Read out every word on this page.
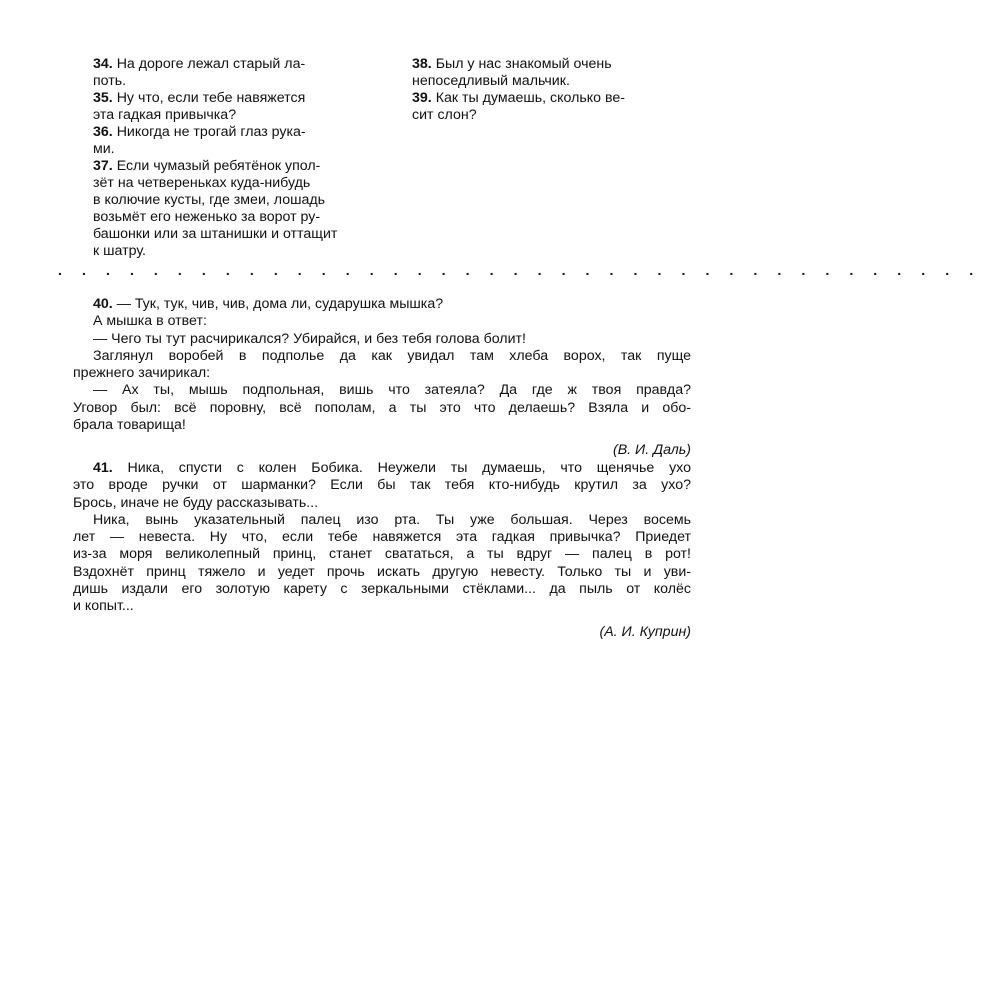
34. На дороге лежал старый ла-
поть.
35. Ну что, если тебе навяжется
эта гадкая привычка?
36. Никогда не трогай глаз рука-
ми.
37. Если чумазый ребятёнок упол-
зёт на четвереньках куда-нибудь
в колючие кусты, где змеи, лошадь
возьмёт его неженько за ворот ру-
башонки или за штанишки и оттащит
к шатру.
38. Был у нас знакомый очень
непоседливый мальчик.
39. Как ты думаешь, сколько ве-
сит слон?
. . . . . . . . . . . . . . . . . . . . . . . . . . . . . . . . . . . . . . .
40. — Тук, тук, чив, чив, дома ли, сударушка мышка?
А мышка в ответ:
— Чего ты тут расчирикался? Убирайся, и без тебя голова болит!
Заглянул воробей в подполье да как увидал там хлеба ворох, так пуще
прежнего зачирикал:
— Ах ты, мышь подпольная, вишь что затеяла? Да где ж твоя правда?
Уговор был: всё поровну, всё пополам, а ты это что делаешь? Взяла и обо-
брала товарища!
(В. И. Даль)
41. Ника, спусти с колен Бобика. Неужели ты думаешь, что щенячье ухо
это вроде ручки от шарманки? Если бы так тебя кто-нибудь крутил за ухо?
Брось, иначе не буду рассказывать...
Ника, вынь указательный палец изо рта. Ты уже большая. Через восемь
лет — невеста. Ну что, если тебе навяжется эта гадкая привычка? Приедет
из-за моря великолепный принц, станет свататься, а ты вдруг — палец в рот!
Вздохнёт принц тяжело и уедет прочь искать другую невесту. Только ты и уви-
дишь издали его золотую карету с зеркальными стёклами... да пыль от колёс
и копыт...
(А. И. Куприн)
